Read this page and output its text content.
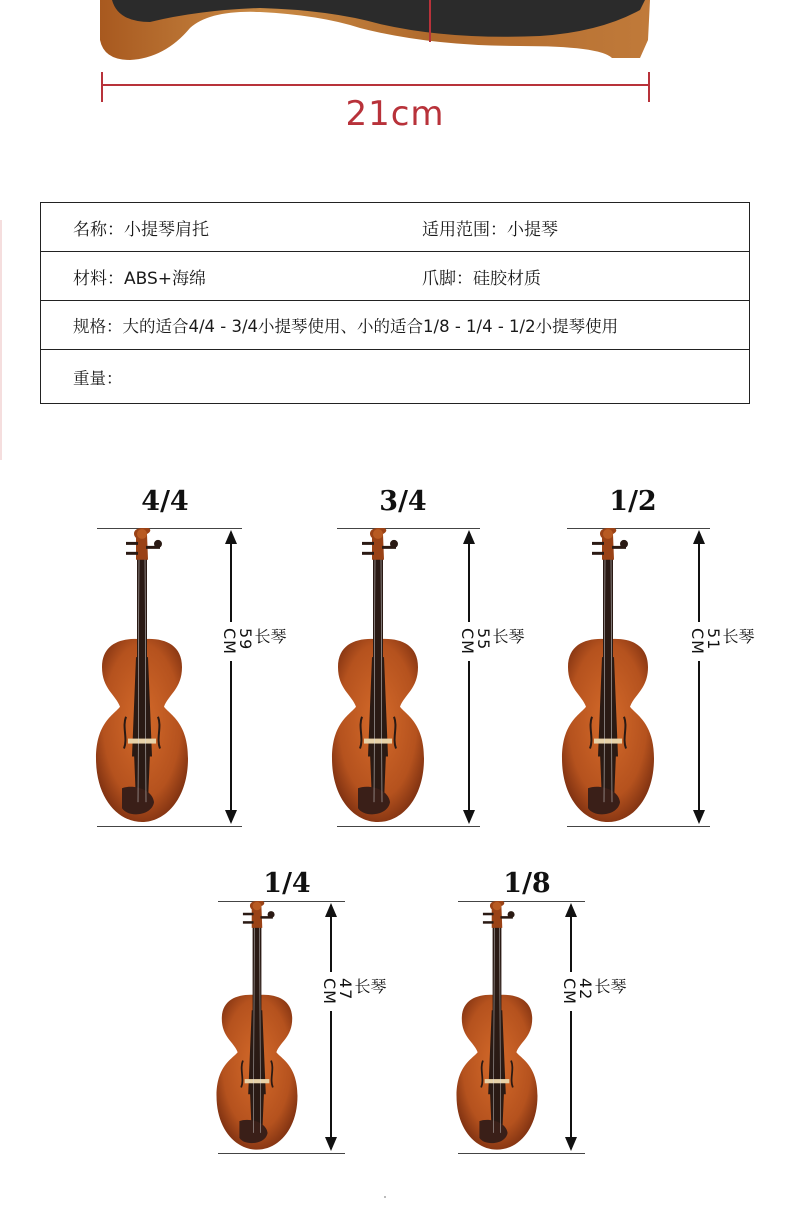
21cm
名称：小提琴肩托	适用范围：小提琴
材料：ABS+海绵	爪脚：硅胶材质
规格：大的适合4/4 - 3/4小提琴使用、小的适合1/8 - 1/4 - 1/2小提琴使用
重量：
4/4
琴长 59 CM
3/4
琴长 55 CM
1/2
琴长 51 CM
1/4
琴长 47 CM
1/8
琴长 42 CM
